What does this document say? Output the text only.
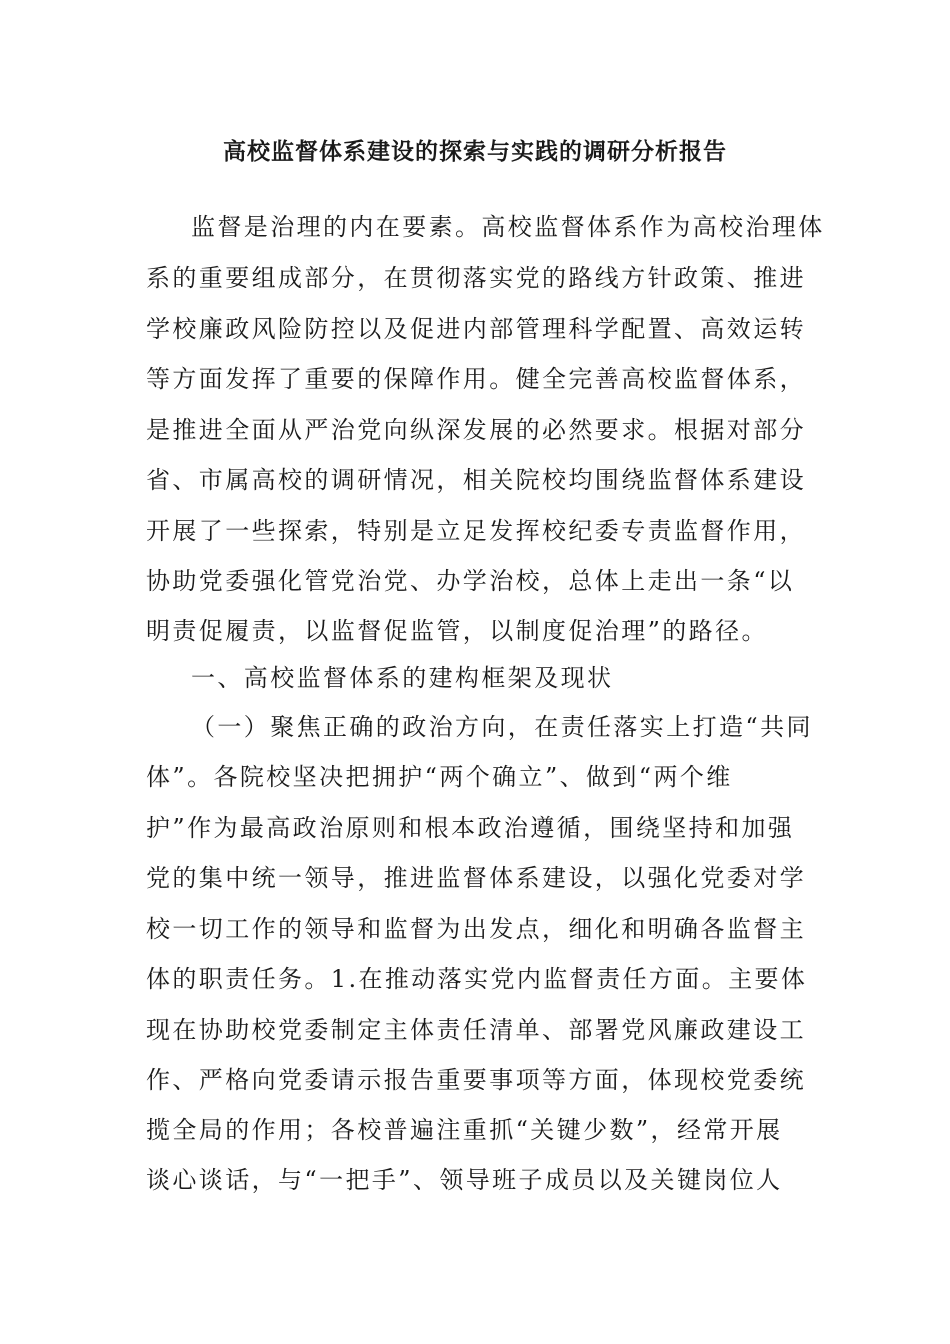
高校监督体系建设的探索与实践的调研分析报告
监督是治理的内在要素。高校监督体系作为高校治理体
系的重要组成部分，在贯彻落实党的路线方针政策、推进
学校廉政风险防控以及促进内部管理科学配置、高效运转
等方面发挥了重要的保障作用。健全完善高校监督体系，
是推进全面从严治党向纵深发展的必然要求。根据对部分
省、市属高校的调研情况，相关院校均围绕监督体系建设
开展了一些探索，特别是立足发挥校纪委专责监督作用，
协助党委强化管党治党、办学治校，总体上走出一条“以
明责促履责，以监督促监管，以制度促治理”的路径。
一、高校监督体系的建构框架及现状
（一）聚焦正确的政治方向，在责任落实上打造“共同
体”。各院校坚决把拥护“两个确立”、做到“两个维
护”作为最高政治原则和根本政治遵循，围绕坚持和加强
党的集中统一领导，推进监督体系建设，以强化党委对学
校一切工作的领导和监督为出发点，细化和明确各监督主
体的职责任务。1.在推动落实党内监督责任方面。主要体
现在协助校党委制定主体责任清单、部署党风廉政建设工
作、严格向党委请示报告重要事项等方面，体现校党委统
揽全局的作用；各校普遍注重抓“关键少数”，经常开展
谈心谈话，与“一把手”、领导班子成员以及关键岗位人
